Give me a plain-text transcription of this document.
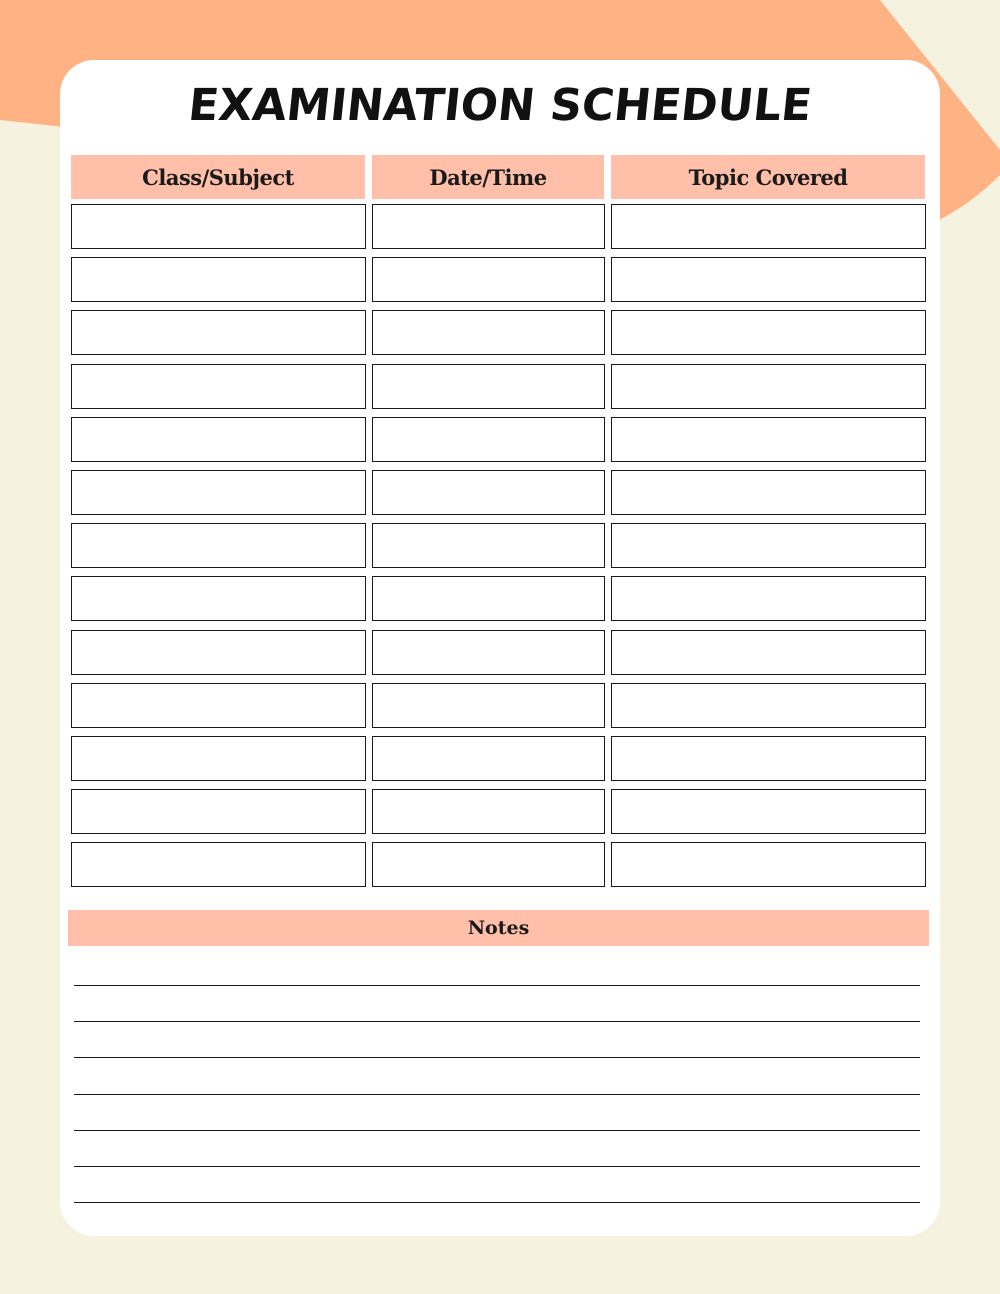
EXAMINATION SCHEDULE
Class/Subject	Date/Time	Topic Covered
Notes
